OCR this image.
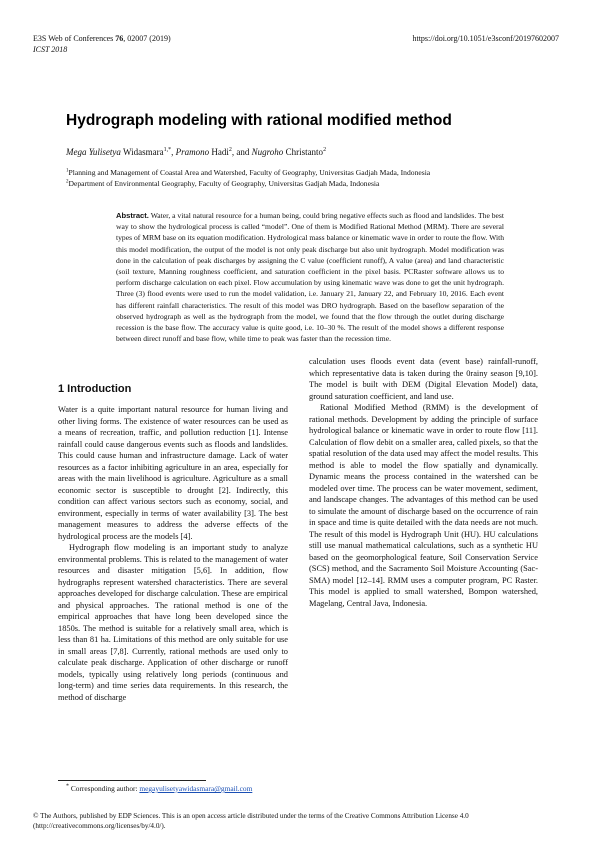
E3S Web of Conferences 76, 02007 (2019)
ICST 2018
https://doi.org/10.1051/e3sconf/20197602007
Hydrograph modeling with rational modified method
Mega Yulisetya Widasmara$^{1,*}$, Pramono Hadi$^2$, and Nugroho Christanto$^2$
$^1$Planning and Management of Coastal Area and Watershed, Faculty of Geography, Universitas Gadjah Mada, Indonesia
$^2$Department of Environmental Geography, Faculty of Geography, Universitas Gadjah Mada, Indonesia
Abstract. Water, a vital natural resource for a human being, could bring negative effects such as flood and landslides. The best way to show the hydrological process is called “model”. One of them is Modified Rational Method (MRM). There are several types of MRM base on its equation modification. Hydrological mass balance or kinematic wave in order to route the flow. With this model modification, the output of the model is not only peak discharge but also unit hydrograph. Model modification was done in the calculation of peak discharges by assigning the C value (coefficient runoff), A value (area) and land characteristic (soil texture, Manning roughness coefficient, and saturation coefficient in the pixel basis. PCRaster software allows us to perform discharge calculation on each pixel. Flow accumulation by using kinematic wave was done to get the unit hydrograph. Three (3) flood events were used to run the model validation, i.e. January 21, January 22, and February 10, 2016. Each event has different rainfall characteristics. The result of this model was DRO hydrograph. Based on the baseflow separation of the observed hydrograph as well as the hydrograph from the model, we found that the flow through the outlet during discharge recession is the base flow. The accuracy value is quite good, i.e. 10–30 %. The result of the model shows a different response between direct runoff and base flow, while time to peak was faster than the recession time.
1 Introduction

Water is a quite important natural resource for human living and other living forms. The existence of water resources can be used as a means of recreation, traffic, and pollution reduction [1]. Intense rainfall could cause dangerous events such as floods and landslides. This could cause human and infrastructure damage. Lack of water resources as a factor inhibiting agriculture in an area, especially for areas with the main livelihood is agriculture. Agriculture as a small economic sector is susceptible to drought [2]. Indirectly, this condition can affect various sectors such as economy, social, and environment, especially in terms of water availability [3]. The best management measures to address the adverse effects of the hydrological process are the models [4].

Hydrograph flow modeling is an important study to analyze environmental problems. This is related to the management of water resources and disaster mitigation [5,6]. In addition, flow hydrographs represent watershed characteristics. There are several approaches developed for discharge calculation. These are empirical and physical approaches. The rational method is one of the empirical approaches that have long been developed since the 1850s. The method is suitable for a relatively small area, which is less than 81 ha. Limitations of this method are only suitable for use in small areas [7,8]. Currently, rational methods are used only to calculate peak discharge. Application of other discharge or runoff models, typically using relatively long periods (continuous and long-term) and time series data requirements. In this research, the method of discharge

calculation uses floods event data (event base) rainfall-runoff, which representative data is taken during the 0rainy season [9,10]. The model is built with DEM (Digital Elevation Model) data, ground saturation coefficient, and land use.

Rational Modified Method (RMM) is the development of rational methods. Development by adding the principle of surface hydrological balance or kinematic wave in order to route flow [11]. Calculation of flow debit on a smaller area, called pixels, so that the spatial resolution of the data used may affect the model results. This method is able to model the flow spatially and dynamically. Dynamic means the process contained in the watershed can be modeled over time. The process can be water movement, sediment, and landscape changes. The advantages of this method can be used to simulate the amount of discharge based on the occurrence of rain in space and time is quite detailed with the data needs are not much. The result of this model is Hydrograph Unit (HU). HU calculations still use manual mathematical calculations, such as a synthetic HU based on the geomorphological feature, Soil Conservation Service (SCS) method, and the Sacramento Soil Moisture Accounting (Sac-SMA) model [12–14]. RMM uses a computer program, PC Raster. This model is applied to small watershed, Bompon watershed, Magelang, Central Java, Indonesia.

* Corresponding author: megayulisetyawidasmara@gmail.com
© The Authors, published by EDP Sciences. This is an open access article distributed under the terms of the Creative Commons Attribution License 4.0 (http://creativecommons.org/licenses/by/4.0/).
